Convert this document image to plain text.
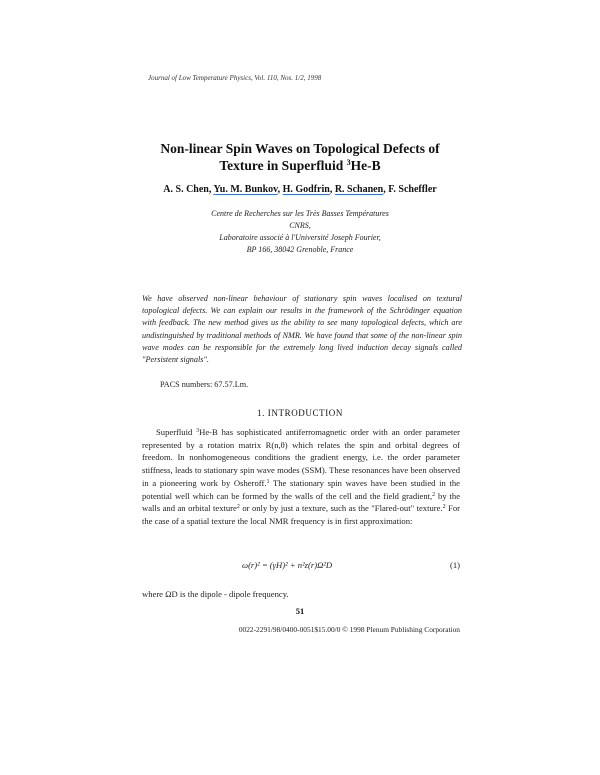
Journal of Low Temperature Physics, Vol. 110, Nos. 1/2, 1998
Non-linear Spin Waves on Topological Defects of
Texture in Superfluid $^3$He-B
A. S. Chen, Yu. M. Bunkov, H. Godfrin, R. Schanen, F. Scheffler
Centre de Recherches sur les Très Basses Températures CNRS,
Laboratoire associé à l'Université Joseph Fourier,
BP 166, 38042 Grenoble, France
We have observed non-linear behaviour of stationary spin waves localised on textural topological defects. We can explain our results in the framework of the Schrödinger equation with feedback. The new method gives us the ability to see many topological defects, which are undistinguished by traditional methods of NMR. We have found that some of the non-linear spin wave modes can be responsible for the extremely long lived induction decay signals called "Persistent signals".
PACS numbers: 67.57.Lm.
1. INTRODUCTION
Superfluid $^3$He-B has sophisticated antiferromagnetic order with an order parameter represented by a rotation matrix R(n,θ) which relates the spin and orbital degrees of freedom. In nonhomogeneous conditions the gradient energy, i.e. the order parameter stiffness, leads to stationary spin wave modes (SSM). These resonances have been observed in a pioneering work by Osheroff.$^1$ The stationary spin waves have been studied in the potential well which can be formed by the walls of the cell and the field gradient,$^2$ by the walls and an orbital texture$^2$ or only by just a texture, such as the "Flared-out" texture.$^2$ For the case of a spatial texture the local NMR frequency is in first approximation:
ω(r)² = (γH)² + n²z(r)Ω²D	(1)
where ΩD is the dipole - dipole frequency.
51
0022-2291/98/0400-0051$15.00/0 © 1998 Plenum Publishing Corporation
